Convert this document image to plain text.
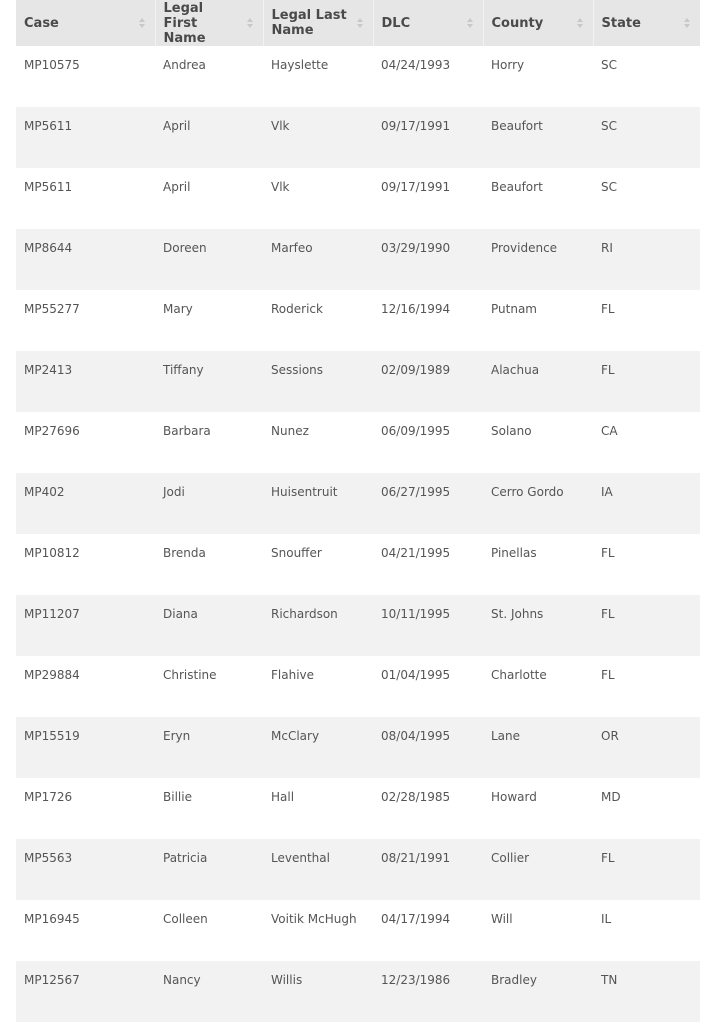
Case	Legal First Name	Legal Last Name	DLC	County	State

MP10575	Andrea	Hayslette	04/24/1993	Horry	SC
MP5611	April	Vlk	09/17/1991	Beaufort	SC
MP5611	April	Vlk	09/17/1991	Beaufort	SC
MP8644	Doreen	Marfeo	03/29/1990	Providence	RI
MP55277	Mary	Roderick	12/16/1994	Putnam	FL
MP2413	Tiffany	Sessions	02/09/1989	Alachua	FL
MP27696	Barbara	Nunez	06/09/1995	Solano	CA
MP402	Jodi	Huisentruit	06/27/1995	Cerro Gordo	IA
MP10812	Brenda	Snouffer	04/21/1995	Pinellas	FL
MP11207	Diana	Richardson	10/11/1995	St. Johns	FL
MP29884	Christine	Flahive	01/04/1995	Charlotte	FL
MP15519	Eryn	McClary	08/04/1995	Lane	OR
MP1726	Billie	Hall	02/28/1985	Howard	MD
MP5563	Patricia	Leventhal	08/21/1991	Collier	FL
MP16945	Colleen	Voitik McHugh	04/17/1994	Will	IL
MP12567	Nancy	Willis	12/23/1986	Bradley	TN
